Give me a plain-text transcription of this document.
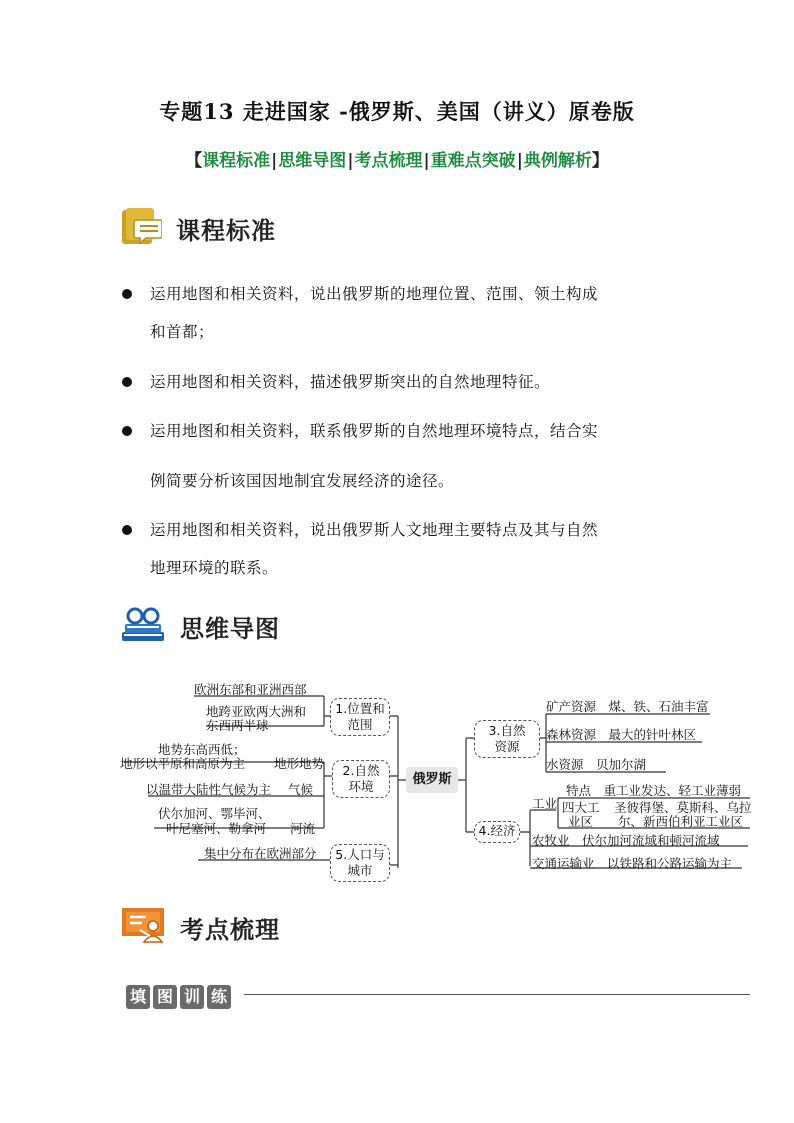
专题13 走进国家 -俄罗斯、美国（讲义）原卷版
【课程标准|思维导图|考点梳理|重难点突破|典例解析】
课程标准
运用地图和相关资料，说出俄罗斯的地理位置、范围、领土构成
和首都；
运用地图和相关资料，描述俄罗斯突出的自然地理特征。
运用地图和相关资料，联系俄罗斯的自然地理环境特点，结合实
例简要分析该国因地制宜发展经济的途径。
运用地图和相关资料，说出俄罗斯人文地理主要特点及其与自然
地理环境的联系。
思维导图
俄罗斯
1.位置和
范围
2.自然
环境
5.人口与
城市
欧洲东部和亚洲西部
地跨亚欧两大洲和
东西两半球
地势东高西低；
地形以平原和高原为主 地形地势
以温带大陆性气候为主 气候
伏尔加河、鄂毕河、
叶尼塞河、勒拿河 河流
集中分布在欧洲部分
3.自然
资源
4.经济
矿产资源　煤、铁、石油丰富
森林资源　最大的针叶林区
水资源　贝加尔湖
工业
特点　重工业发达、轻工业薄弱
四大工
业区
圣彼得堡、莫斯科、乌拉
尔、新西伯利亚工业区
农牧业　伏尔加河流域和顿河流域
交通运输业　以铁路和公路运输为主
考点梳理
填 图 训 练
